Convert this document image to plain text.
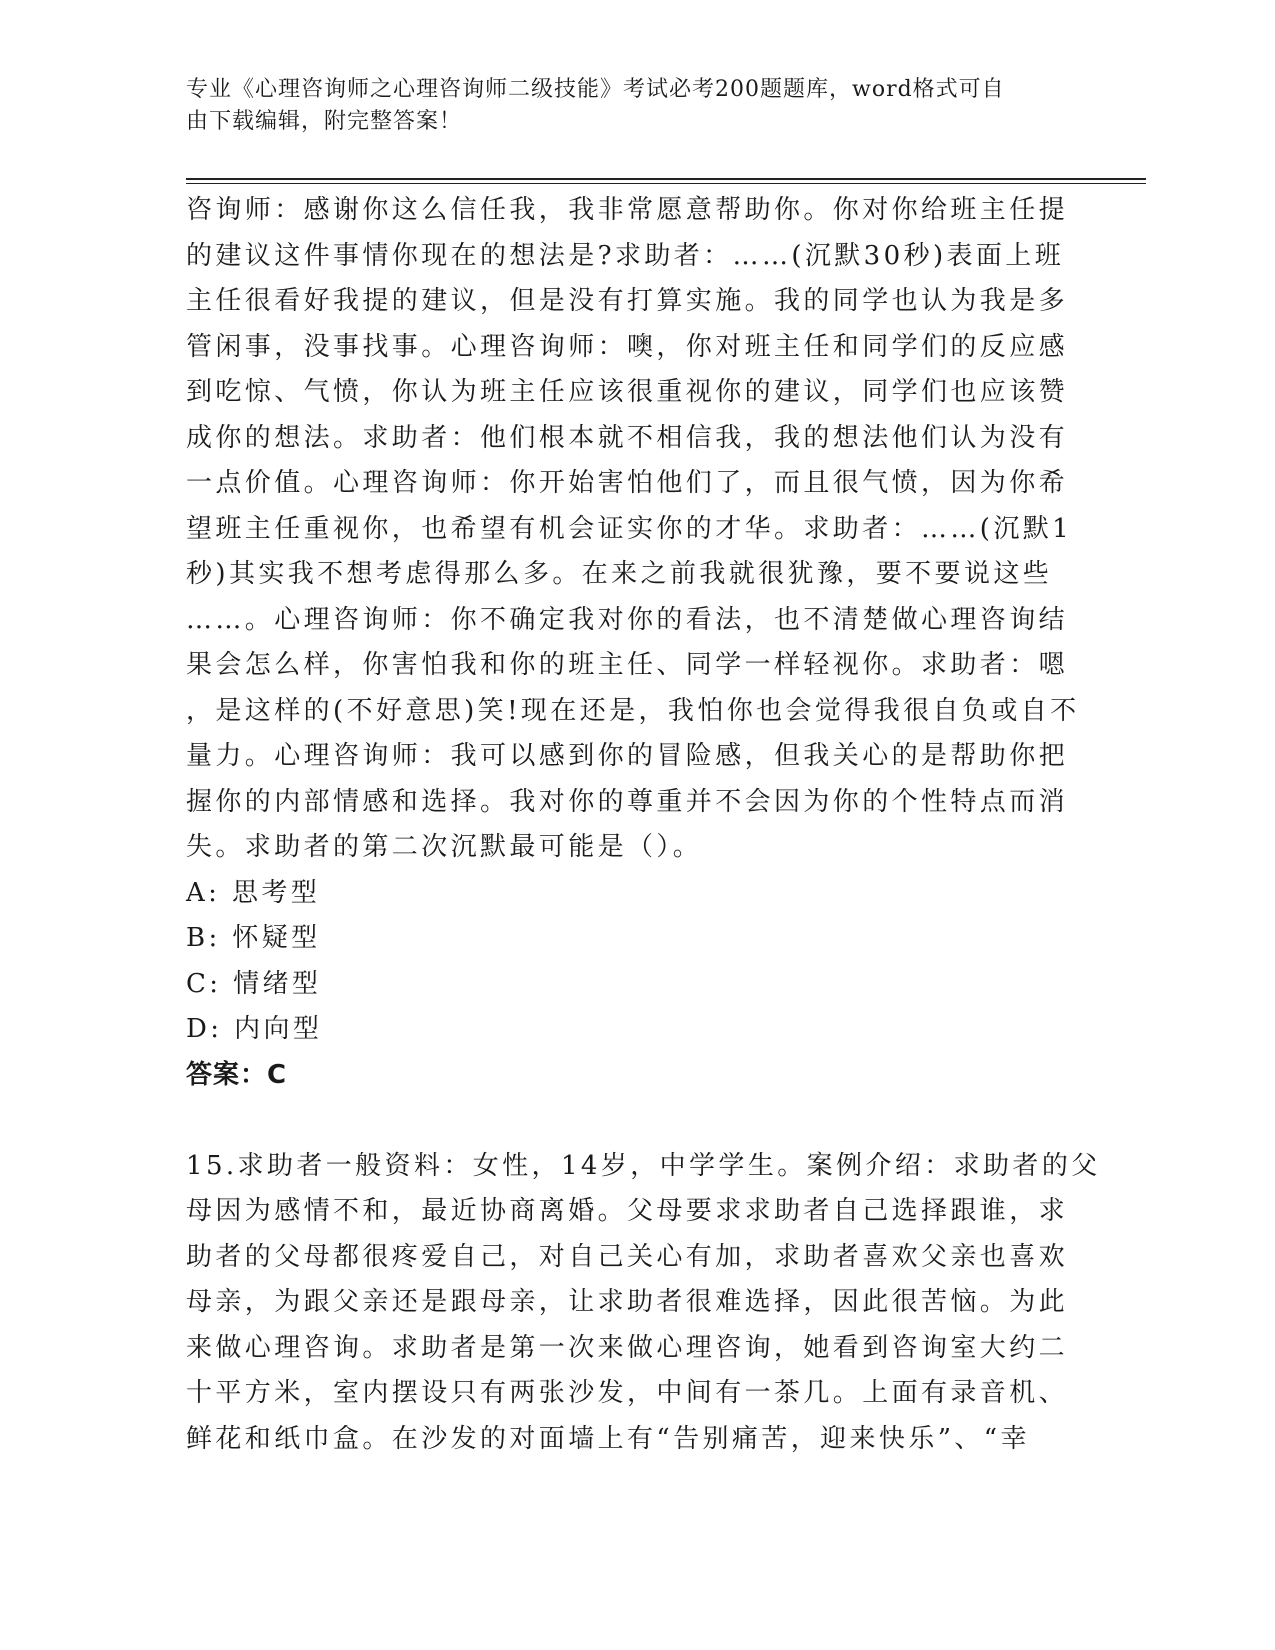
专业《心理咨询师之心理咨询师二级技能》考试必考200题题库，word格式可自
由下载编辑，附完整答案！
咨询师：感谢你这么信任我，我非常愿意帮助你。你对你给班主任提
的建议这件事情你现在的想法是?求助者：……(沉默30秒)表面上班
主任很看好我提的建议，但是没有打算实施。我的同学也认为我是多
管闲事，没事找事。心理咨询师：噢，你对班主任和同学们的反应感
到吃惊、气愤，你认为班主任应该很重视你的建议，同学们也应该赞
成你的想法。求助者：他们根本就不相信我，我的想法他们认为没有
一点价值。心理咨询师：你开始害怕他们了，而且很气愤，因为你希
望班主任重视你，也希望有机会证实你的才华。求助者：……(沉默1
秒)其实我不想考虑得那么多。在来之前我就很犹豫，要不要说这些
……。心理咨询师：你不确定我对你的看法，也不清楚做心理咨询结
果会怎么样，你害怕我和你的班主任、同学一样轻视你。求助者：嗯
，是这样的(不好意思)笑!现在还是，我怕你也会觉得我很自负或自不
量力。心理咨询师：我可以感到你的冒险感，但我关心的是帮助你把
握你的内部情感和选择。我对你的尊重并不会因为你的个性特点而消
失。求助者的第二次沉默最可能是（）。
A: 思考型
B: 怀疑型
C: 情绪型
D: 内向型
答案：C
15.求助者一般资料：女性，14岁，中学学生。案例介绍：求助者的父
母因为感情不和，最近协商离婚。父母要求求助者自己选择跟谁，求
助者的父母都很疼爱自己，对自己关心有加，求助者喜欢父亲也喜欢
母亲，为跟父亲还是跟母亲，让求助者很难选择，因此很苦恼。为此
来做心理咨询。求助者是第一次来做心理咨询，她看到咨询室大约二
十平方米，室内摆设只有两张沙发，中间有一茶几。上面有录音机、
鲜花和纸巾盒。在沙发的对面墙上有“告别痛苦，迎来快乐”、“幸
